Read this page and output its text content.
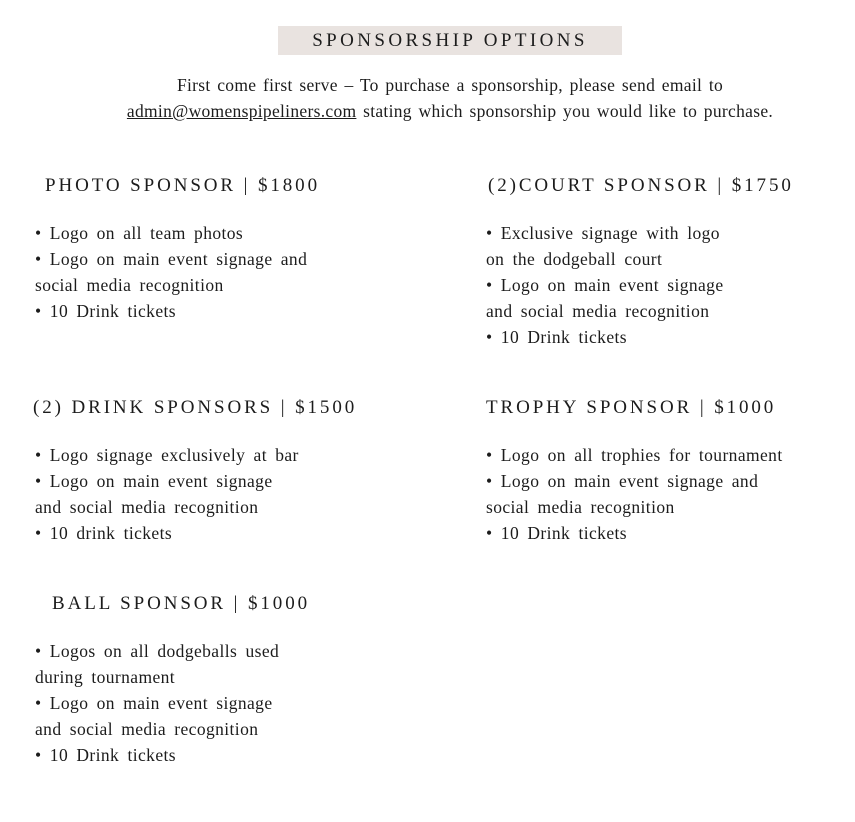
SPONSORSHIP OPTIONS

First come first serve – To purchase a sponsorship, please send email to
admin@womenspipeliners.com stating which sponsorship you would like to purchase.

PHOTO SPONSOR | $1800
• Logo on all team photos
• Logo on main event signage and
social media recognition
• 10 Drink tickets
(2)COURT SPONSOR | $1750
• Exclusive signage with logo
on the dodgeball court
• Logo on main event signage
and social media recognition
• 10 Drink tickets
(2) DRINK SPONSORS | $1500
• Logo signage exclusively at bar
• Logo on main event signage
and social media recognition
• 10 drink tickets
TROPHY SPONSOR | $1000
• Logo on all trophies for tournament
• Logo on main event signage and
social media recognition
• 10 Drink tickets
BALL SPONSOR | $1000
• Logos on all dodgeballs used
during tournament
• Logo on main event signage
and social media recognition
• 10 Drink tickets
